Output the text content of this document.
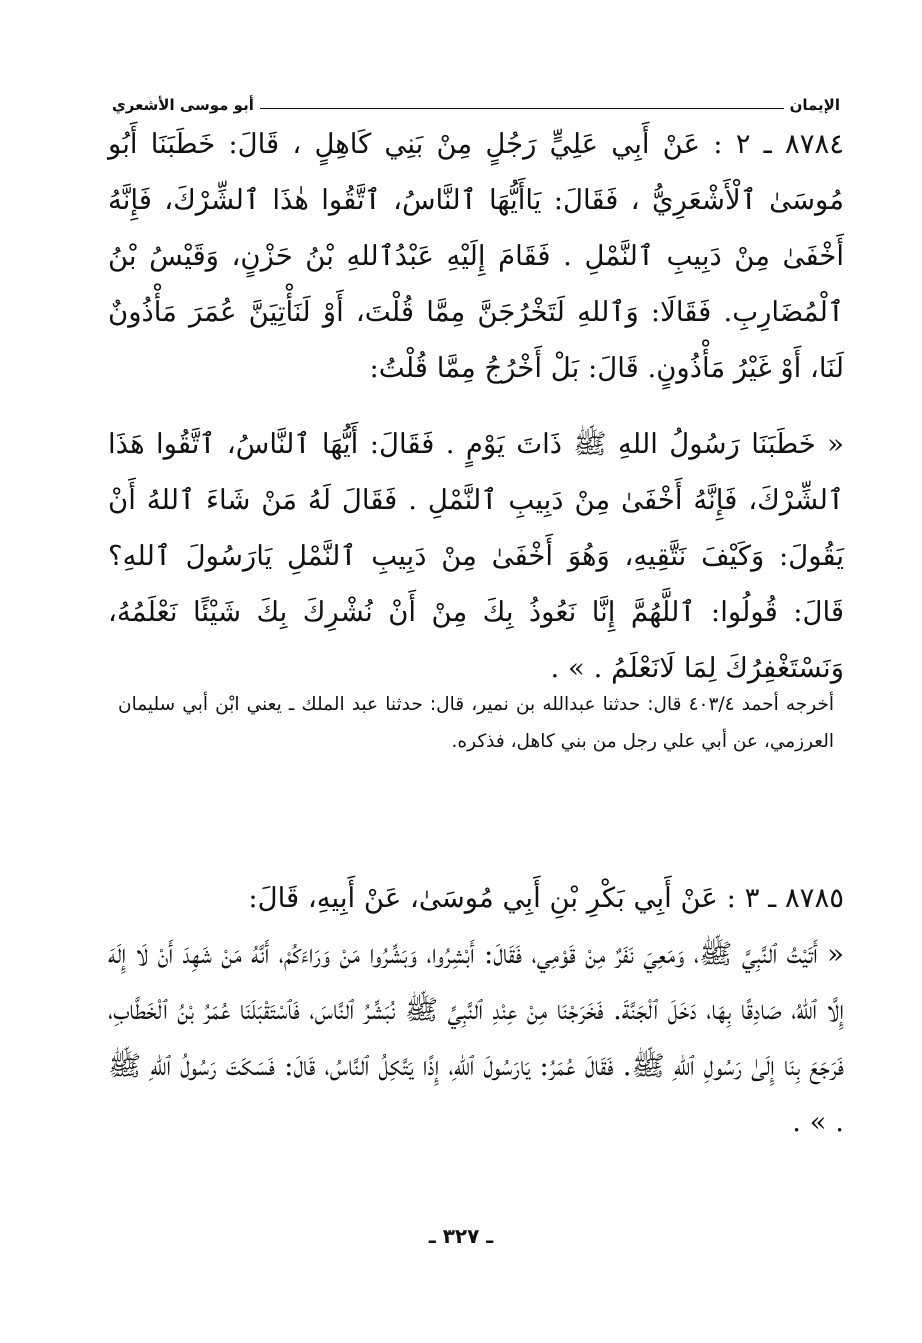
الإيمان
أبو موسى الأشعري

٨٧٨٤ ـ ٢ : عَنْ أَبِي عَلِيٍّ رَجُلٍ مِنْ بَنِي كَاهِلٍ ، قَالَ: خَطَبَنَا أَبُو مُوسَىٰ ٱلْأَشْعَرِيُّ ، فَقَالَ: يَاأَيُّهَا ٱلنَّاسُ، ٱتَّقُوا هٰذَا ٱلشِّرْكَ، فَإِنَّهُ أَخْفَىٰ مِنْ دَبِيبِ ٱلنَّمْلِ . فَقَامَ إِلَيْهِ عَبْدُٱللهِ بْنُ حَزْنٍ، وَقَيْسُ بْنُ ٱلْمُضَارِبِ. فَقَالَا: وَٱللهِ لَتَخْرُجَنَّ مِمَّا قُلْتَ، أَوْ لَنَأْتِيَنَّ عُمَرَ مَأْذُونٌ لَنَا، أَوْ غَيْرُ مَأْذُونٍ. قَالَ: بَلْ أَخْرُجُ مِمَّا قُلْتُ:

« خَطَبَنَا رَسُولُ اللهِ ﷺ ذَاتَ يَوْمٍ . فَقَالَ: أَيُّهَا ٱلنَّاسُ، ٱتَّقُوا هَذَا ٱلشِّرْكَ، فَإِنَّهُ أَخْفَىٰ مِنْ دَبِيبِ ٱلنَّمْلِ . فَقَالَ لَهُ مَنْ شَاءَ ٱللهُ أَنْ يَقُولَ: وَكَيْفَ نَتَّقِيهِ، وَهُوَ أَخْفَىٰ مِنْ دَبِيبِ ٱلنَّمْلِ يَارَسُولَ ٱللهِ؟ قَالَ: قُولُوا: ٱللَّهُمَّ إِنَّا نَعُوذُ بِكَ مِنْ أَنْ نُشْرِكَ بِكَ شَيْئًا نَعْلَمُهُ، وَنَسْتَغْفِرُكَ لِمَا لَانَعْلَمُ . » .

أخرجه أحمد ٤٠٣/٤ قال: حدثنا عبدالله بن نمير، قال: حدثنا عبد الملك ـ يعني ابْن أبي سليمان العرزمي، عن أبي علي رجل من بني كاهل، فذكره.

٨٧٨٥ ـ ٣ : عَنْ أَبِي بَكْرِ بْنِ أَبِي مُوسَىٰ، عَنْ أَبِيهِ، قَالَ:

« أَتَيْتُ ٱلنَّبِيَّ ﷺ، وَمَعِيَ نَفَرٌ مِنْ قَوْمِي، فَقَالَ: أَبْشِرُوا، وَبَشِّرُوا مَنْ وَرَاءَكُمْ، أَنَّهُ مَنْ شَهِدَ أَنْ لَا إِلَهَ إِلَّا ٱللهُ، صَادِقًا بِهَا، دَخَلَ ٱلْجَنَّةَ. فَخَرَجْنَا مِنْ عِنْدِ ٱلنَّبِيِّ ﷺ نُبَشِّرُ ٱلنَّاسَ، فَٱسْتَقْبَلَنَا عُمَرُ بْنُ ٱلْخَطَّابِ، فَرَجَعَ بِنَا إِلَىٰ رَسُولِ ٱللهِ ﷺ. فَقَالَ عُمَرُ: يَارَسُولَ ٱللهِ، إِذًا يَتَّكِلُ ٱلنَّاسُ، قَالَ: فَسَكَتَ رَسُولُ ٱللهِ ﷺ . » .

ـ ٣٢٧ ـ
